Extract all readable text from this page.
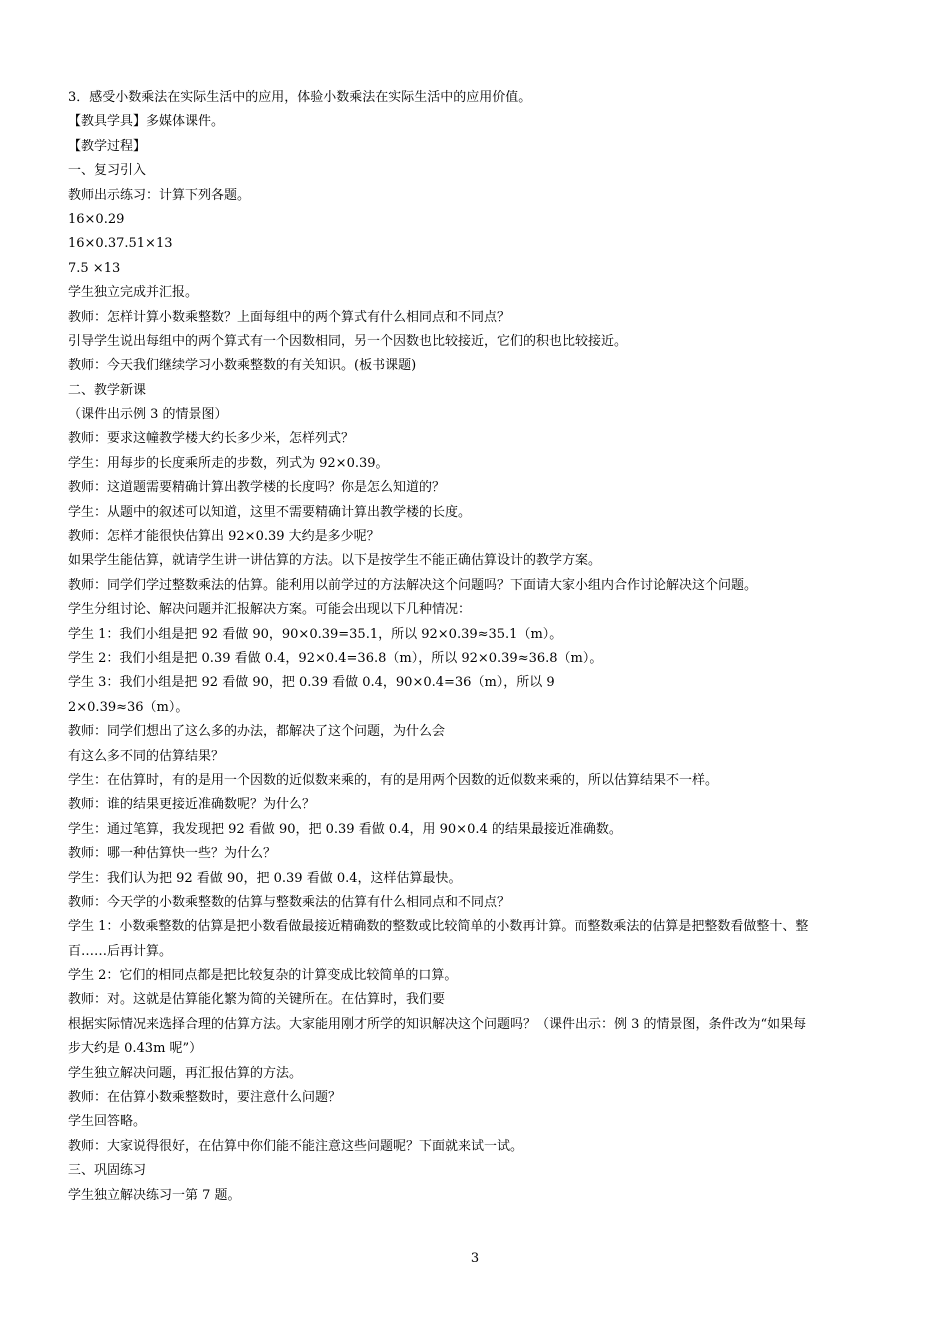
3．感受小数乘法在实际生活中的应用，体验小数乘法在实际生活中的应用价值。

【教具学具】多媒体课件。

【教学过程】

一、复习引入

教师出示练习：计算下列各题。

16×0.29

16×0.37.51×13

7.5 ×13

学生独立完成并汇报。

教师：怎样计算小数乘整数？上面每组中的两个算式有什么相同点和不同点？

引导学生说出每组中的两个算式有一个因数相同，另一个因数也比较接近，它们的积也比较接近。

教师：今天我们继续学习小数乘整数的有关知识。(板书课题)

二、教学新课

（课件出示例 3 的情景图）

教师：要求这幢教学楼大约长多少米，怎样列式？

学生：用每步的长度乘所走的步数，列式为 92×0.39。

教师：这道题需要精确计算出教学楼的长度吗？你是怎么知道的？

学生：从题中的叙述可以知道，这里不需要精确计算出教学楼的长度。

教师：怎样才能很快估算出 92×0.39 大约是多少呢？

如果学生能估算，就请学生讲一讲估算的方法。以下是按学生不能正确估算设计的教学方案。

教师：同学们学过整数乘法的估算。能利用以前学过的方法解决这个问题吗？下面请大家小组内合作讨论解决这个问题。

学生分组讨论、解决问题并汇报解决方案。可能会出现以下几种情况：

学生 1：我们小组是把 92 看做 90，90×0.39=35.1，所以 92×0.39≈35.1（m）。

学生 2：我们小组是把 0.39 看做 0.4，92×0.4=36.8（m），所以 92×0.39≈36.8（m）。

学生 3：我们小组是把 92 看做 90，把 0.39 看做 0.4，90×0.4=36（m），所以 9

2×0.39≈36（m）。

教师：同学们想出了这么多的办法，都解决了这个问题，为什么会

有这么多不同的估算结果？

学生：在估算时，有的是用一个因数的近似数来乘的，有的是用两个因数的近似数来乘的，所以估算结果不一样。

教师：谁的结果更接近准确数呢？为什么？

学生：通过笔算，我发现把 92 看做 90，把 0.39 看做 0.4，用 90×0.4 的结果最接近准确数。

教师：哪一种估算快一些？为什么？

学生：我们认为把 92 看做 90，把 0.39 看做 0.4，这样估算最快。

教师：今天学的小数乘整数的估算与整数乘法的估算有什么相同点和不同点？

学生 1：小数乘整数的估算是把小数看做最接近精确数的整数或比较简单的小数再计算。而整数乘法的估算是把整数看做整十、整

百……后再计算。

学生 2：它们的相同点都是把比较复杂的计算变成比较简单的口算。

教师：对。这就是估算能化繁为简的关键所在。在估算时，我们要

根据实际情况来选择合理的估算方法。大家能用刚才所学的知识解决这个问题吗？（课件出示：例 3 的情景图，条件改为“如果每

步大约是 0.43m 呢”）

学生独立解决问题，再汇报估算的方法。

教师：在估算小数乘整数时，要注意什么问题？

学生回答略。

教师：大家说得很好，在估算中你们能不能注意这些问题呢？下面就来试一试。

三、巩固练习

学生独立解决练习一第 7 题。

3
